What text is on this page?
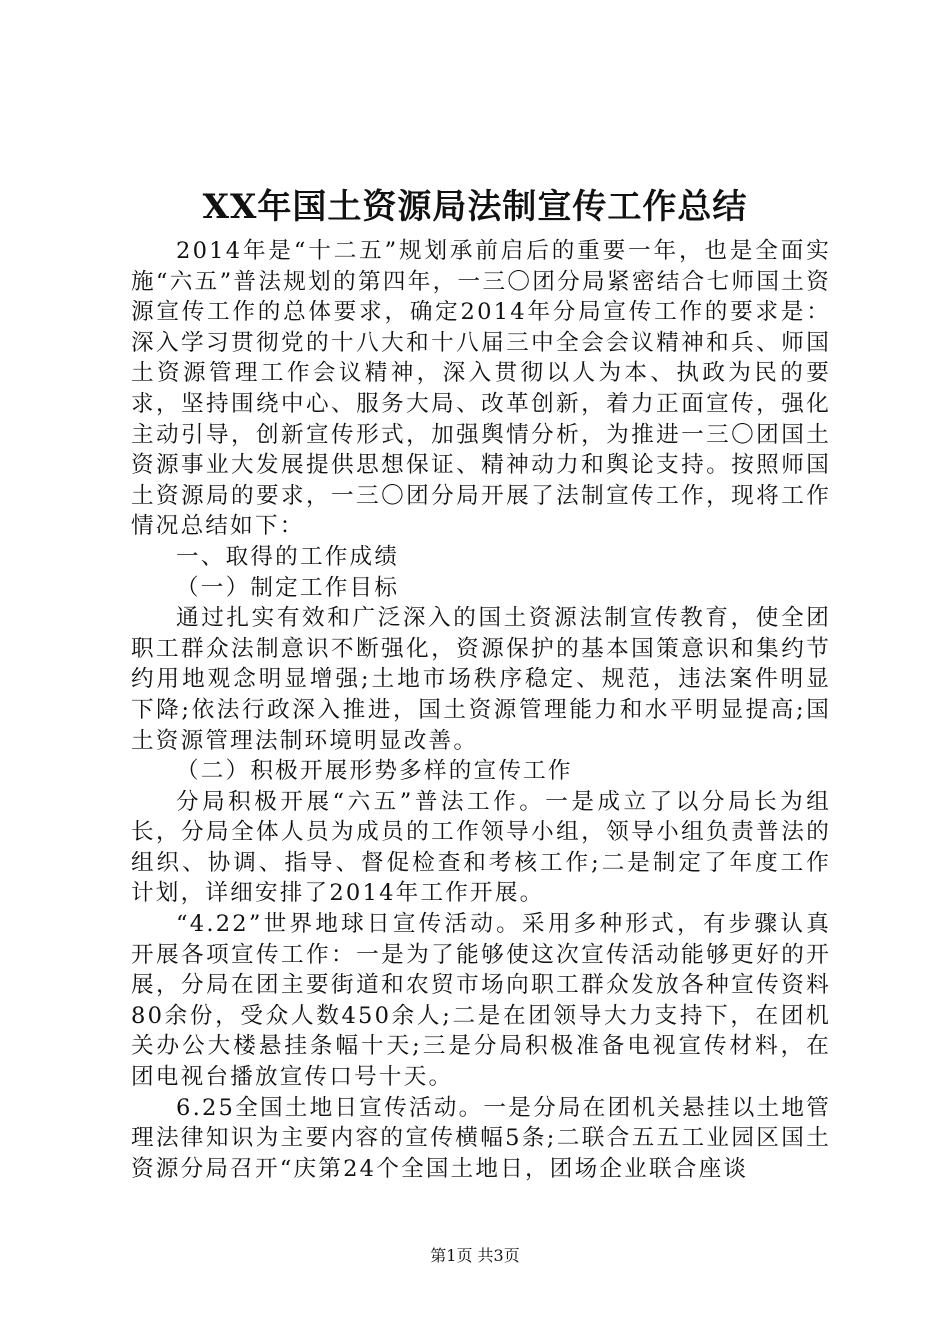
XX年国土资源局法制宣传工作总结

2014年是“十二五”规划承前启后的重要一年，也是全面实施“六五”普法规划的第四年，一三〇团分局紧密结合七师国土资源宣传工作的总体要求，确定2014年分局宣传工作的要求是：深入学习贯彻党的十八大和十八届三中全会会议精神和兵、师国土资源管理工作会议精神，深入贯彻以人为本、执政为民的要求，坚持围绕中心、服务大局、改革创新，着力正面宣传，强化主动引导，创新宣传形式，加强舆情分析，为推进一三〇团国土资源事业大发展提供思想保证、精神动力和舆论支持。按照师国土资源局的要求，一三〇团分局开展了法制宣传工作，现将工作情况总结如下：

一、取得的工作成绩

（一）制定工作目标

通过扎实有效和广泛深入的国土资源法制宣传教育，使全团职工群众法制意识不断强化，资源保护的基本国策意识和集约节约用地观念明显增强;土地市场秩序稳定、规范，违法案件明显下降;依法行政深入推进，国土资源管理能力和水平明显提高;国土资源管理法制环境明显改善。

（二）积极开展形势多样的宣传工作

分局积极开展“六五”普法工作。一是成立了以分局长为组长，分局全体人员为成员的工作领导小组，领导小组负责普法的组织、协调、指导、督促检查和考核工作;二是制定了年度工作计划，详细安排了2014年工作开展。

“4.22”世界地球日宣传活动。采用多种形式，有步骤认真开展各项宣传工作：一是为了能够使这次宣传活动能够更好的开展，分局在团主要街道和农贸市场向职工群众发放各种宣传资料80余份，受众人数450余人;二是在团领导大力支持下，在团机关办公大楼悬挂条幅十天;三是分局积极准备电视宣传材料，在团电视台播放宣传口号十天。

6.25全国土地日宣传活动。一是分局在团机关悬挂以土地管理法律知识为主要内容的宣传横幅5条;二联合五五工业园区国土资源分局召开“庆第24个全国土地日，团场企业联合座谈

第1页 共3页
